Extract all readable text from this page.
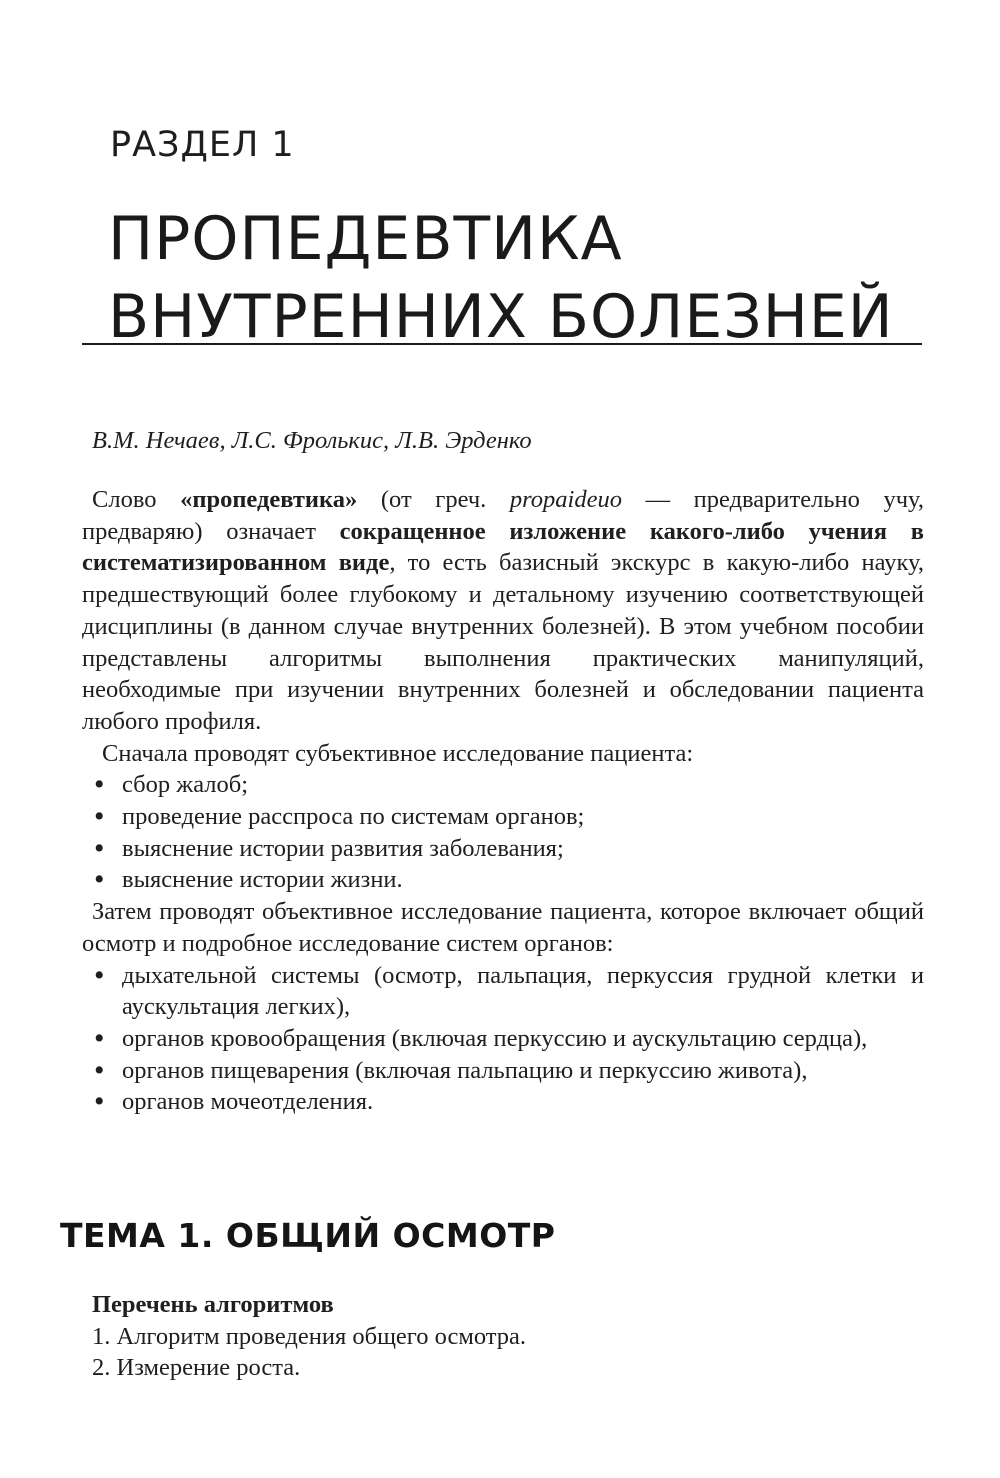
РАЗДЕЛ 1
ПРОПЕДЕВТИКА
ВНУТРЕННИХ БОЛЕЗНЕЙ
В.М. Нечаев, Л.С. Фролькис, Л.В. Эрденко

Слово «пропедевтика» (от греч. propaideuo — предварительно учу, предваряю) означает сокращенное изложение какого-либо учения в систематизированном виде, то есть базисный экскурс в какую-либо науку, предшествующий более глубокому и детальному изучению соответствующей дисциплины (в данном случае внутренних болезней). В этом учебном пособии представлены алгоритмы выполнения практических манипуляций, необходимые при изучении внутренних болезней и обследовании пациента любого профиля.

Сначала проводят субъективное исследование пациента:

• сбор жалоб;
• проведение расспроса по системам органов;
• выяснение истории развития заболевания;
• выяснение истории жизни.

Затем проводят объективное исследование пациента, которое включает общий осмотр и подробное исследование систем органов:

• дыхательной системы (осмотр, пальпация, перкуссия грудной клетки и аускультация легких),
• органов кровообращения (включая перкуссию и аускультацию сердца),
• органов пищеварения (включая пальпацию и перкуссию живота),
• органов мочеотделения.
ТЕМА 1. ОБЩИЙ ОСМОТР

Перечень алгоритмов

1. Алгоритм проведения общего осмотра.
2. Измерение роста.
